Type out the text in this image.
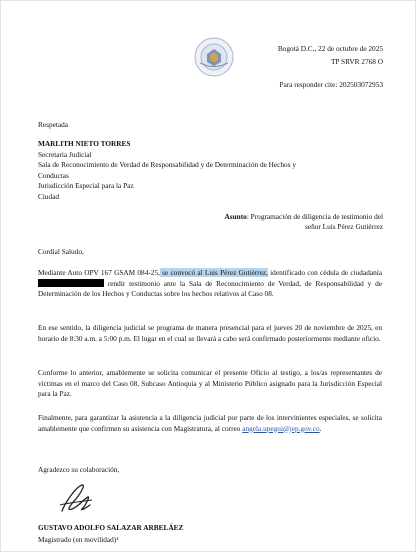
Bogotá D.C., 22 de octubre de 2025
TP SRVR 2768 O
Para responder cite: 202503072953
Respetada
MARLITH NIETO TORRES
Secretaria Judicial
Sala de Reconocimiento de Verdad de Responsabilidad y de Determinación de Hechos y
Conductas
Jurisdicción Especial para la Paz
Ciudad
Asunto: Programación de diligencia de testimonio del
señor Luis Pérez Gutiérrez
Cordial Saludo,
Mediante Auto OPV 167 GSAM 084-25, se convocó al Luis Pérez Gutiérrez, identificado con cédula de ciudadanía  rendir testimonio ante la Sala de Reconocimiento de Verdad, de Responsabilidad y de Determinación de los Hechos y Conductas sobre los hechos relativos al Caso 08.
En ese sentido, la diligencia judicial se programa de manera presencial para el jueves 20 de noviembre de 2025, en horario de 8:30 a.m. a 5:00 p.m. El lugar en el cual se llevará a cabo será confirmado posteriormente mediante oficio.
Conforme lo anterior, amablemente se solicita comunicar el presente Oficio al testigo, a los/as representantes de víctimas en el marco del Caso 08, Subcaso Antioquia y al Ministerio Público asignado para la Jurisdicción Especial para la Paz.
Finalmente, para garantizar la asistencia a la diligencia judicial por parte de los intervinientes especiales, se solicita amablemente que confirmen su asistencia con Magistratura, al correo angela.upegui@jep.gov.co.
Agradezco su colaboración,
GUSTAVO ADOLFO SALAZAR ARBELÁEZ
Magistrado (en movilidad)¹
